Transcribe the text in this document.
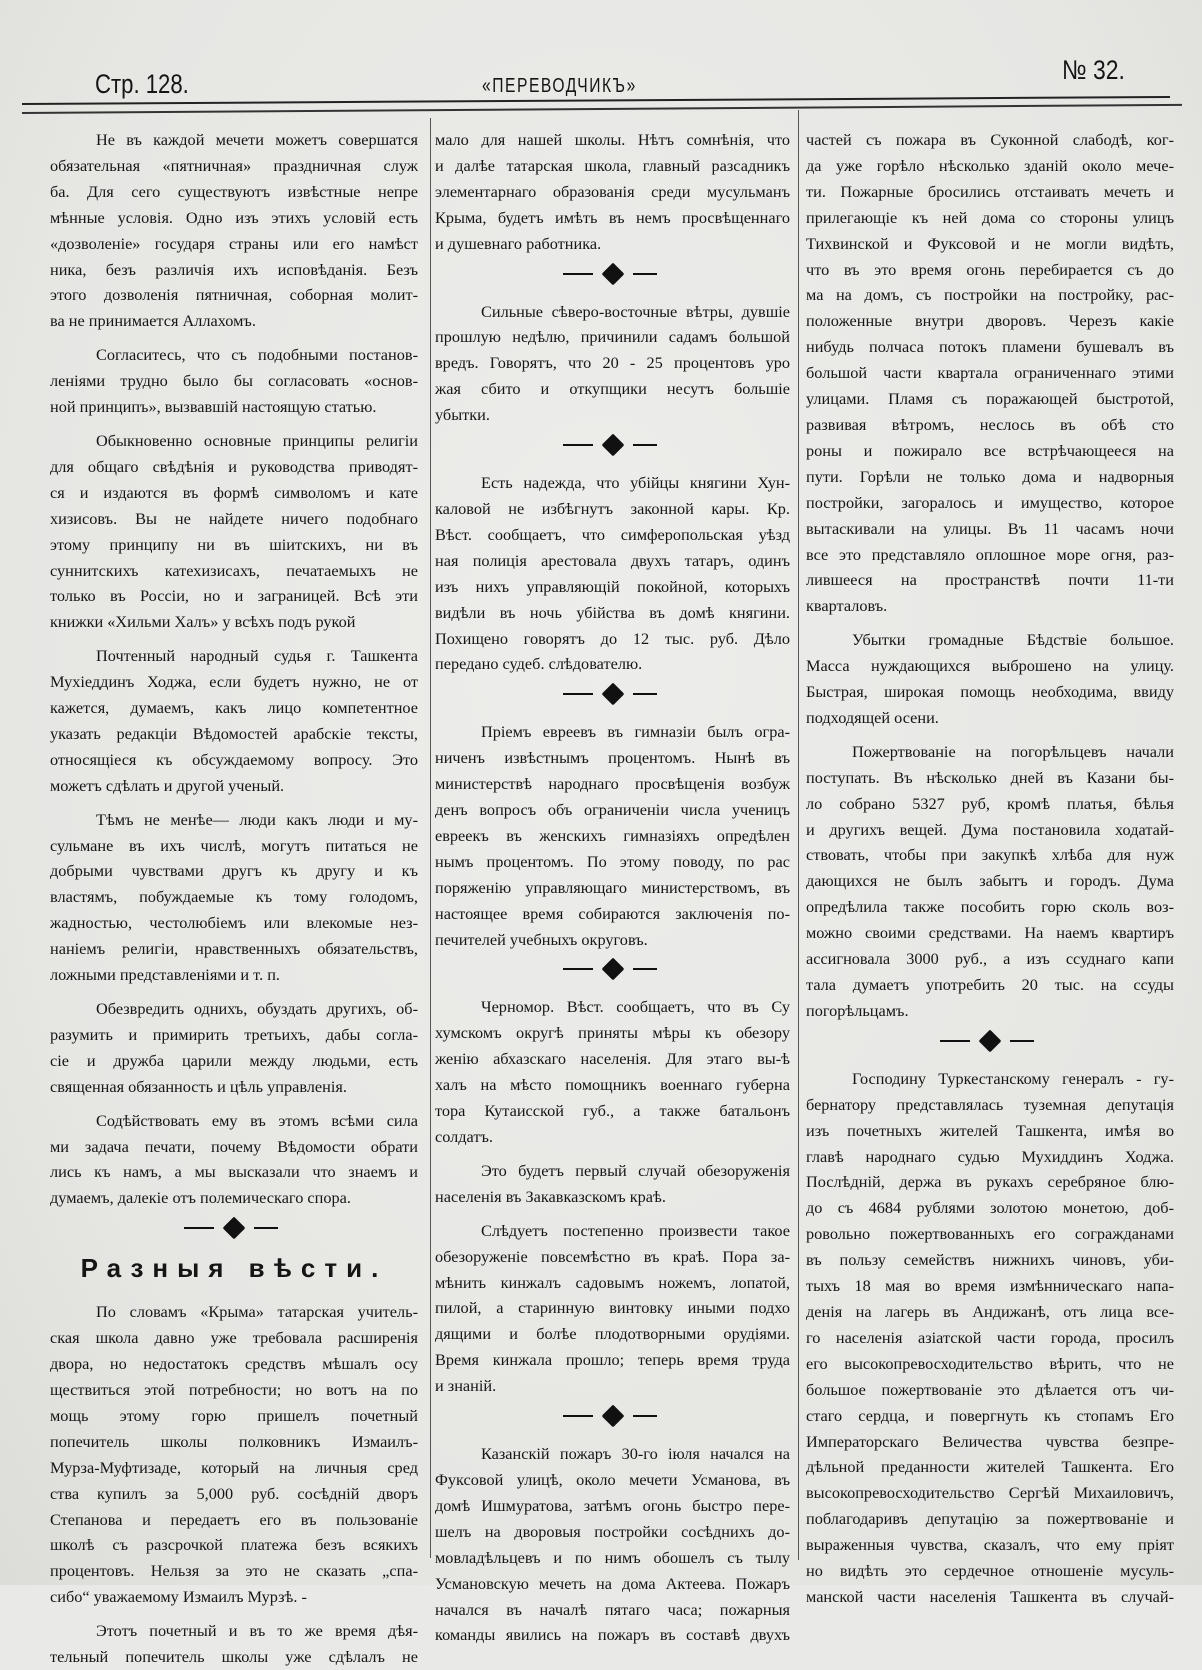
Стр. 128.	«ПЕРЕВОДЧИКЪ»
№ 32.
Не въ каждой мечети можетъ совершатся
обязательная «пятничная» праздничная служ
ба. Для сего существуютъ извѣстные непре
мѣнные условія. Одно изъ этихъ условій есть
«дозволеніе» государя страны или его намѣст
ника, безъ различія ихъ исповѣданія. Безъ
этого дозволенія пятничная, соборная молит-
ва не принимается Аллахомъ.
Согласитесь, что съ подобными постанов-
леніями трудно было бы согласовать «основ-
ной принципъ», вызвавшій настоящую статью.
Обыкновенно основные принципы религіи
для общаго свѣдѣнія и руководства приводят-
ся и издаются въ формѣ символомъ и кате
хизисовъ. Вы не найдете ничего подобнаго
этому принципу ни въ шіитскихъ, ни въ
суннитскихъ катехизисахъ, печатаемыхъ не
только въ Россіи, но и заграницей. Всѣ эти
книжки «Хильми Халъ» у всѣхъ подъ рукой
Почтенный народный судья г. Ташкента
Мухіеддинъ Ходжа, если будетъ нужно, не от
кажется, думаемъ, какъ лицо компетентное
указать редакціи Вѣдомостей арабскіе тексты,
относящіеся къ обсуждаемому вопросу. Это
можетъ сдѣлать и другой ученый.
Тѣмъ не менѣе— люди какъ люди и му-
сульмане въ ихъ числѣ, могутъ питаться не
добрыми чувствами другъ къ другу и къ
властямъ, побуждаемые къ тому голодомъ,
жадностью, честолюбіемъ или влекомые нез-
наніемъ религіи, нравственныхъ обязательствъ,
ложными представленіями и т. п.
Обезвредить однихъ, обуздать другихъ, об-
разумить и примирить третьихъ, дабы согла-
сіе и дружба царили между людьми, есть
священная обязанность и цѣль управленія.
Содѣйствовать ему въ этомъ всѣми сила
ми задача печати, почему Вѣдомости обрати
лись къ намъ, а мы высказали что знаемъ и
думаемъ, далекіе отъ полемическаго спора.
Разныя вѣсти.
По словамъ «Крыма» татарская учитель-
ская школа давно уже требовала расширенія
двора, но недостатокъ средствъ мѣшалъ осу
ществиться этой потребности; но вотъ на по
мощь этому горю пришелъ почетный
попечитель школы полковникъ Измаилъ-
Мурза-Муфтизаде, который на личныя сред
ства купилъ за 5,000 руб. сосѣдній дворъ
Степанова и передаетъ его въ пользованіе
школѣ съ разсрочкой платежа безъ всякихъ
процентовъ. Нельзя за это не сказать „спа-
сибо“ уважаемому Измаилъ Мурзѣ. -
Этотъ почетный и въ то же время дѣя-
тельный попечитель школы уже сдѣлалъ не
мало для нашей школы. Нѣтъ сомнѣнія, что
и далѣе татарская школа, главный разсадникъ
элементарнаго образованія среди мусульманъ
Крыма, будетъ имѣть въ немъ просвѣщеннаго
и душевнаго работника.
Сильные сѣверо-восточные вѣтры, дувшіе
прошлую недѣлю, причинили садамъ большой
вредъ. Говорятъ, что 20 - 25 процентовъ уро
жая сбито и откупщики несутъ большіе
убытки.
Есть надежда, что убійцы княгини Хун-
каловой не избѣгнутъ законной кары. Кр.
Вѣст. сообщаетъ, что симферопольская уѣзд
ная полиція арестовала двухъ татаръ, одинъ
изъ нихъ управляющій покойной, которыхъ
видѣли въ ночь убійства въ домѣ княгини.
Похищено говорятъ до 12 тыс. руб. Дѣло
передано судеб. слѣдователю.
Пріемъ евреевъ въ гимназіи былъ огра-
ниченъ извѣстнымъ процентомъ. Нынѣ въ
министерствѣ народнаго просвѣщенія возбуж
денъ вопросъ объ ограниченіи числа ученицъ
евреекъ въ женскихъ гимназіяхъ опредѣлен
нымъ процентомъ. По этому поводу, по рас
поряженію управляющаго министерствомъ, въ
настоящее время собираются заключенія по-
печителей учебныхъ округовъ.
Черномор. Вѣст. сообщаетъ, что въ Су
хумскомъ округѣ приняты мѣры къ обезору
женію абхазскаго населенія. Для этаго вы-ѣ
халъ на мѣсто помощникъ военнаго губерна
тора Кутаисской губ., а также батальонъ
солдатъ.
Это будетъ первый случай обезоруженія
населенія въ Закавказскомъ краѣ.
Слѣдуетъ постепенно произвести такое
обезоруженіе повсемѣстно въ краѣ. Пора за-
мѣнить кинжалъ садовымъ ножемъ, лопатой,
пилой, а старинную винтовку иными подхо
дящими и болѣе плодотворными орудіями.
Время кинжала прошло; теперь время труда
и знаній.
Казанскій пожаръ 30-го іюля начался на
Фуксовой улицѣ, около мечети Усманова, въ
домѣ Ишмуратова, затѣмъ огонь быстро пере-
шелъ на дворовыя постройки сосѣднихъ до-
мовладѣльцевъ и по нимъ обошелъ съ тылу
Усмановскую мечеть на дома Актеева. Пожаръ
начался въ началѣ пятаго часа; пожарныя
команды явились на пожаръ въ составѣ двухъ
частей съ пожара въ Суконной слабодѣ, ког-
да уже горѣло нѣсколько зданій около мече-
ти. Пожарные бросились отстаивать мечеть и
прилегающіе къ ней дома со стороны улицъ
Тихвинской и Фуксовой и не могли видѣть,
что въ это время огонь перебирается съ до
ма на домъ, съ постройки на постройку, рас-
положенные внутри дворовъ. Черезъ какіе
нибудь полчаса потокъ пламени бушевалъ въ
большой части квартала ограниченнаго этими
улицами. Пламя съ поражающей быстротой,
развивая вѣтромъ, неслось въ обѣ сто
роны и пожирало все встрѣчающееся на
пути. Горѣли не только дома и надворныя
постройки, загоралось и имущество, которое
вытаскивали на улицы. Въ 11 часамъ ночи
все это представляло оплошное море огня, раз-
лившееся на пространствѣ почти 11-ти
кварталовъ.
Убытки громадные Бѣдствіе большое.
Масса нуждающихся выброшено на улицу.
Быстрая, широкая помощь необходима, ввиду
подходящей осени.
Пожертвованіе на погорѣльцевъ начали
поступать. Въ нѣсколько дней въ Казани бы-
ло собрано 5327 руб, кромѣ платья, бѣлья
и другихъ вещей. Дума постановила ходатай-
ствовать, чтобы при закупкѣ хлѣба для нуж
дающихся не былъ забытъ и городъ. Дума
опредѣлила также пособить горю сколь воз-
можно своими средствами. На наемъ квартиръ
ассигновала 3000 руб., а изъ ссуднаго капи
тала думаетъ употребить 20 тыс. на ссуды
погорѣльцамъ.
Господину Туркестанскому генералъ - гу-
бернатору представлялась туземная депутація
изъ почетныхъ жителей Ташкента, имѣя во
главѣ народнаго судью Мухиддинъ Ходжа.
Послѣдній, держа въ рукахъ серебряное блю-
до съ 4684 рублями золотою монетою, доб-
ровольно пожертвованныхъ его согражданами
въ пользу семействъ нижнихъ чиновъ, уби-
тыхъ 18 мая во время измѣнническаго напа-
денія на лагерь въ Андижанѣ, отъ лица все-
го населенія азіатской части города, просилъ
его высокопревосходительство вѣрить, что не
большое пожертвованіе это дѣлается отъ чи-
стаго сердца, и повергнуть къ стопамъ Его
Императорскаго Величества чувства безпре-
дѣльной преданности жителей Ташкента. Его
высокопревосходительство Сергѣй Михаиловичъ,
поблагодаривъ депутацію за пожертвованіе и
выраженныя чувства, сказалъ, что ему пріят
но видѣть это сердечное отношеніе мусуль-
манской части населенія Ташкента въ случай-
